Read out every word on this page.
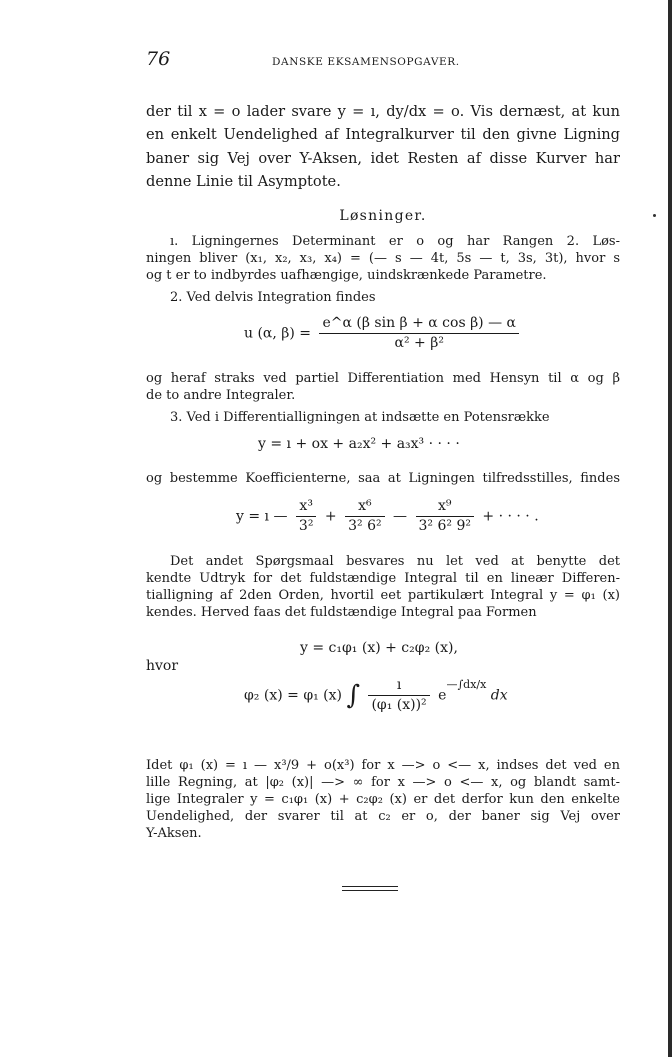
76	DANSKE EKSAMENSOPGAVER.
der til x = o lader svare y = ı, dy/dx = o. Vis dernæst, at kun
en enkelt Uendelighed af Integralkurver til den givne Ligning
baner sig Vej over Y-Aksen, idet Resten af disse Kurver har
denne Linie til Asymptote.
Løsninger.
ı. Ligningernes Determinant er o og har Rangen 2. Løs-
ningen bliver (x₁, x₂, x₃, x₄) = (— s — 4t, 5s — t, 3s, 3t), hvor s
og t er to indbyrdes uafhængige, uindskrænkede Parametre.
2. Ved delvis Integration findes
u (α, $\beta) = \frac{\text{e\textasciicircum{}α (β sin β + α cos β) — α}}{\text{α² + β²}}$
og heraf straks ved partiel Differentiation med Hensyn til α og β
de to andre Integraler.
3. Ved i Differentialligningen at indsætte en Potensrække
y = ı + ox + a₂x² + a₃x³ · · · ·
og bestemme Koefficienterne, saa at Ligningen tilfredsstilles, findes
y = ı — $\frac{\text{x³}}{\text{3²}} + \frac{\text{x⁶}}{\text{3² 6²}}$ — $\frac{\text{x⁹}}{\text{3² 6² 9²}}$ + · · · · .
Det andet Spørgsmaal besvares nu let ved at benytte det
kendte Udtryk for det fuldstændige Integral til en lineær Differen-
tialligning af 2den Orden, hvortil eet partikulært Integral y = φ₁ (x)
kendes. Herved faas det fuldstændige Integral paa Formen
y = c₁φ₁ (x) + c₂φ₂ (x),
hvor
φ₂ (x) = φ₁ (x) ∫ $\frac{ı}{\text{(φ₁ (x))²}} e^{—\int dx/x}$ dx
Idet φ₁ (x) = ı — x³/9 + o(x³) for x —> o <— x, indses det ved en
lille Regning, at |φ₂ (x)| —> ∞ for x —> o <— x, og blandt samt-
lige Integraler y = c₁φ₁ (x) + c₂φ₂ (x) er det derfor kun den enkelte
Uendelighed, der svarer til at c₂ er o, der baner sig Vej over
Y-Aksen.
